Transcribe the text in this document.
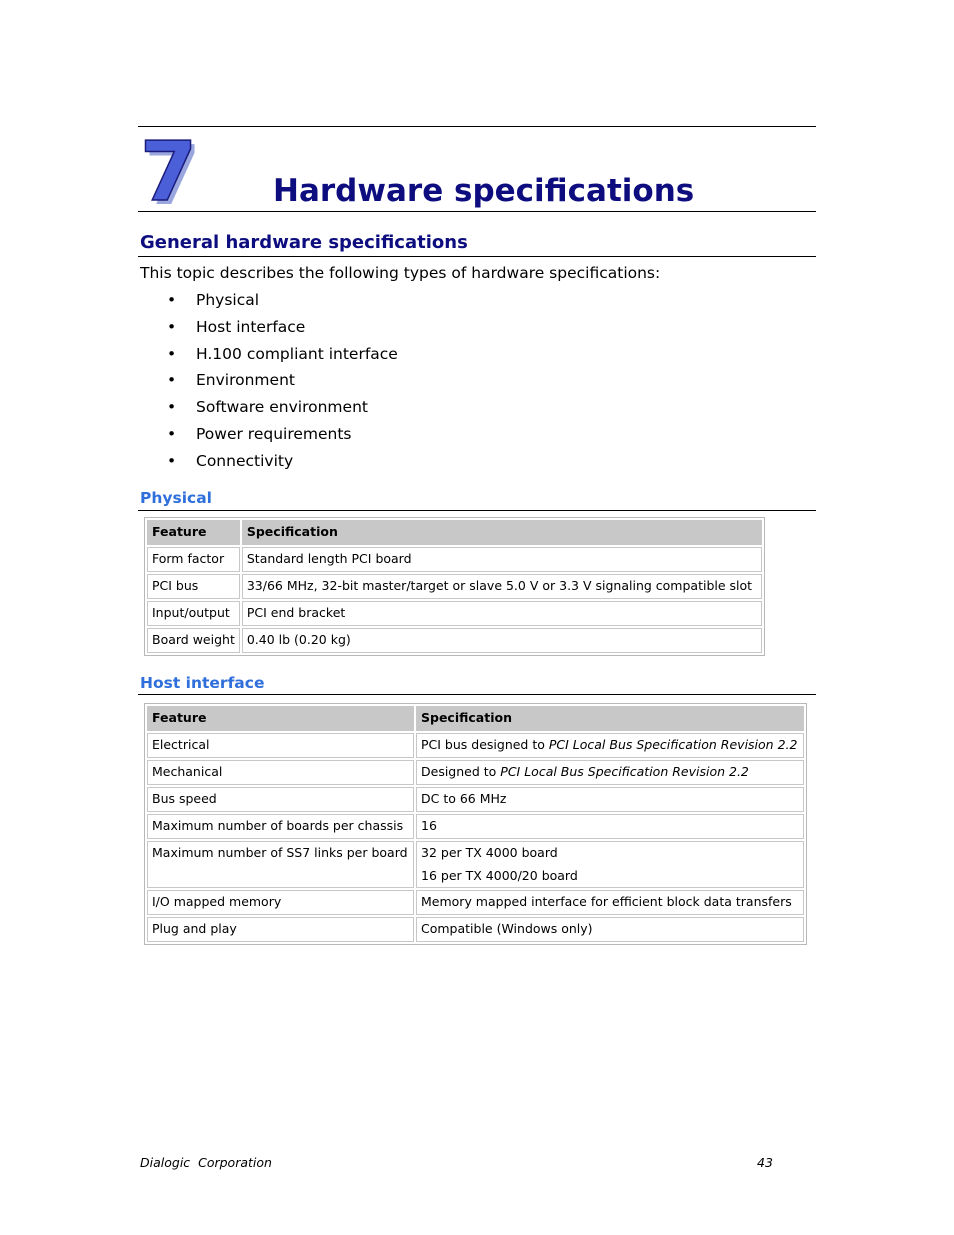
7 Hardware specifications
General hardware specifications
This topic describes the following types of hardware specifications:
• Physical
• Host interface
• H.100 compliant interface
• Environment
• Software environment
• Power requirements
• Connectivity
Physical
Feature	Specification
Form factor	Standard length PCI board
PCI bus	33/66 MHz, 32-bit master/target or slave 5.0 V or 3.3 V signaling compatible slot
Input/output	PCI end bracket
Board weight	0.40 lb (0.20 kg)
Host interface
Feature	Specification
Electrical	PCI bus designed to PCI Local Bus Specification Revision 2.2
Mechanical	Designed to PCI Local Bus Specification Revision 2.2
Bus speed	DC to 66 MHz
Maximum number of boards per chassis	16
Maximum number of SS7 links per board	32 per TX 4000 board
16 per TX 4000/20 board

I/O mapped memory	Memory mapped interface for efficient block data transfers
Plug and play	Compatible (Windows only)
Dialogic  Corporation	43
